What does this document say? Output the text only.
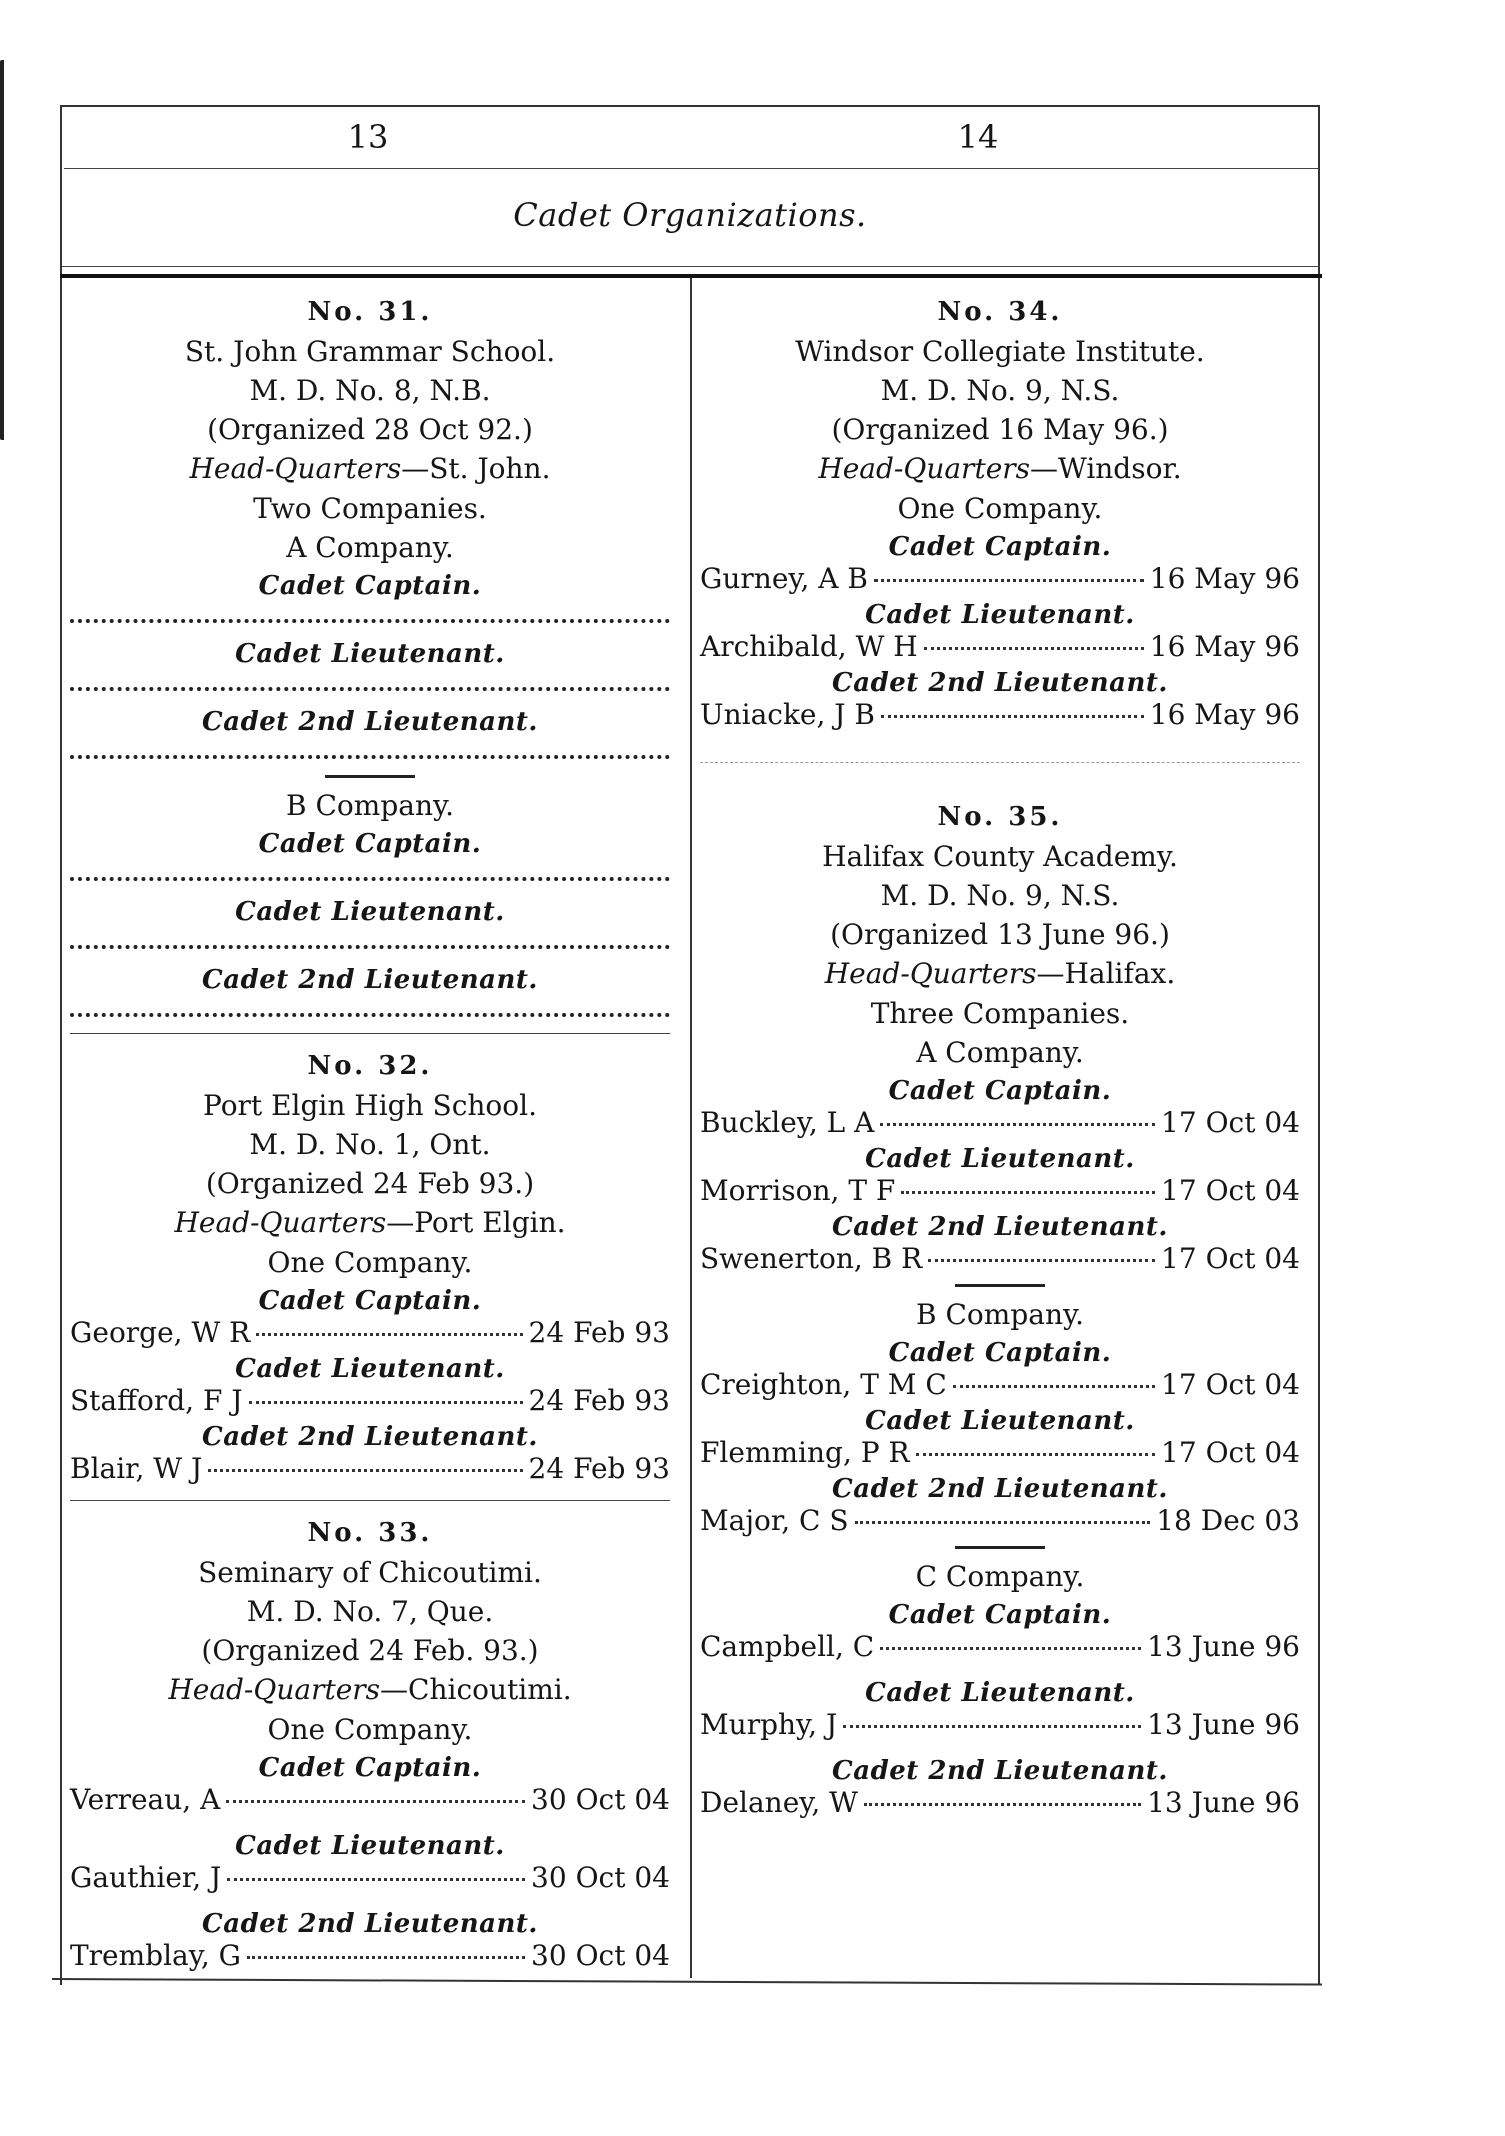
13	14
Cadet Organizations.
No. 31.
St. John Grammar School.
M. D. No. 8, N.B.
(Organized 28 Oct 92.)
Head-Quarters—St. John.
Two Companies.
A Company.
Cadet Captain.
Cadet Lieutenant.
Cadet 2nd Lieutenant.
B Company.
Cadet Captain.
Cadet Lieutenant.
Cadet 2nd Lieutenant.
No. 32.
Port Elgin High School.
M. D. No. 1, Ont.
(Organized 24 Feb 93.)
Head-Quarters—Port Elgin.
One Company.
Cadet Captain.
George, W R	24 Feb 93
Cadet Lieutenant.
Stafford, F J	24 Feb 93
Cadet 2nd Lieutenant.
Blair, W J	24 Feb 93
No. 33.
Seminary of Chicoutimi.
M. D. No. 7, Que.
(Organized 24 Feb. 93.)
Head-Quarters—Chicoutimi.
One Company.
Cadet Captain.
Verreau, A	30 Oct 04
Cadet Lieutenant.
Gauthier, J	30 Oct 04
Cadet 2nd Lieutenant.
Tremblay, G	30 Oct 04
No. 34.
Windsor Collegiate Institute.
M. D. No. 9, N.S.
(Organized 16 May 96.)
Head-Quarters—Windsor.
One Company.
Cadet Captain.
Gurney, A B	16 May 96
Cadet Lieutenant.
Archibald, W H	16 May 96
Cadet 2nd Lieutenant.
Uniacke, J B	16 May 96
No. 35.
Halifax County Academy.
M. D. No. 9, N.S.
(Organized 13 June 96.)
Head-Quarters—Halifax.
Three Companies.
A Company.
Cadet Captain.
Buckley, L A	17 Oct 04
Cadet Lieutenant.
Morrison, T F	17 Oct 04
Cadet 2nd Lieutenant.
Swenerton, B R	17 Oct 04
B Company.
Cadet Captain.
Creighton, T M C	17 Oct 04
Cadet Lieutenant.
Flemming, P R	17 Oct 04
Cadet 2nd Lieutenant.
Major, C S	18 Dec 03
C Company.
Cadet Captain.
Campbell, C	13 June 96
Cadet Lieutenant.
Murphy, J	13 June 96
Cadet 2nd Lieutenant.
Delaney, W	13 June 96
